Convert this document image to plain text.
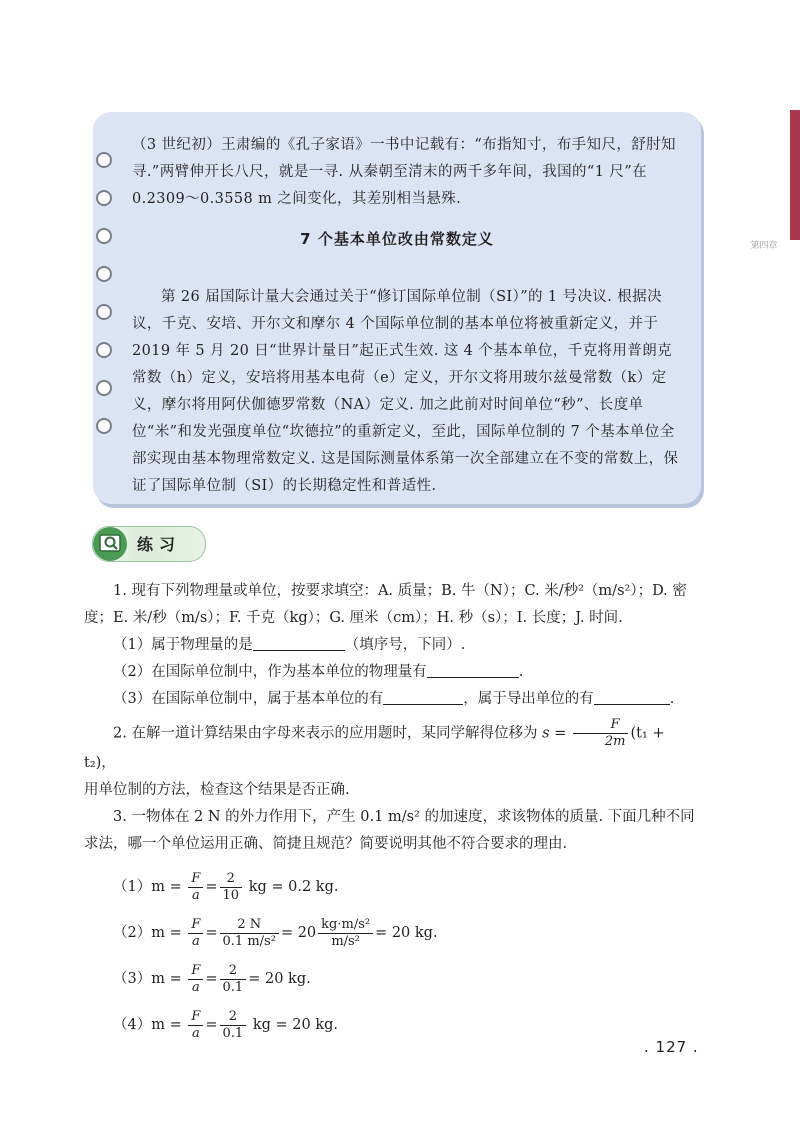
第四章

（3 世纪初）王肃编的《孔子家语》一书中记载有：“布指知寸，布手知尺，舒肘知寻.”两臂伸开长八尺，就是一寻. 从秦朝至清末的两千多年间，我国的“1 尺”在 0.2309～0.3558 m 之间变化，其差别相当悬殊.

7 个基本单位改由常数定义

第 26 届国际计量大会通过关于“修订国际单位制（SI）”的 1 号决议. 根据决议，千克、安培、开尔文和摩尔 4 个国际单位制的基本单位将被重新定义，并于 2019 年 5 月 20 日“世界计量日”起正式生效. 这 4 个基本单位，千克将用普朗克常数（h）定义，安培将用基本电荷（e）定义，开尔文将用玻尔兹曼常数（k）定义，摩尔将用阿伏伽德罗常数（NA）定义. 加之此前对时间单位“秒”、长度单位“米”和发光强度单位“坎德拉”的重新定义，至此，国际单位制的 7 个基本单位全部实现由基本物理常数定义. 这是国际测量体系第一次全部建立在不变的常数上，保证了国际单位制（SI）的长期稳定性和普适性.

练习

1. 现有下列物理量或单位，按要求填空：A. 质量；B. 牛（N）；C. 米/秒²（m/s²）；D. 密度；E. 米/秒（m/s）；F. 千克（kg）；G. 厘米（cm）；H. 秒（s）；I. 长度；J. 时间.

（1）属于物理量的是	（填序号，下同）.

（2）在国际单位制中，作为基本单位的物理量有	.

（3）在国际单位制中，属于基本单位的有	，属于导出单位的有	.

2. 在解一道计算结果由字母来表示的应用题时，某同学解得位移为 $s = \frac{F}{2m} (t_1 + t_2)$，

用单位制的方法，检查这个结果是否正确.

3. 一物体在 2 N 的外力作用下，产生 0.1 m/s² 的加速度，求该物体的质量. 下面几种不同求法，哪一个单位运用正确、简捷且规范？简要说明其他不符合要求的理由.

$(1)m = \frac{F}{a} = \frac{2}{10}$ kg = 0.2 kg.

$(2)m = \frac{F}{a} = \frac{2 N}{\text{0.1 m/s²}} = 20 \frac{\text{kg·m/s²}}{\text{m/s²}} = 20$ kg.

$(3)m = \frac{F}{a} = \frac{2}{0.1} = 20$ kg.

$(4)m = \frac{F}{a} = \frac{2}{0.1}$ kg = 20 kg.

. 127 .
